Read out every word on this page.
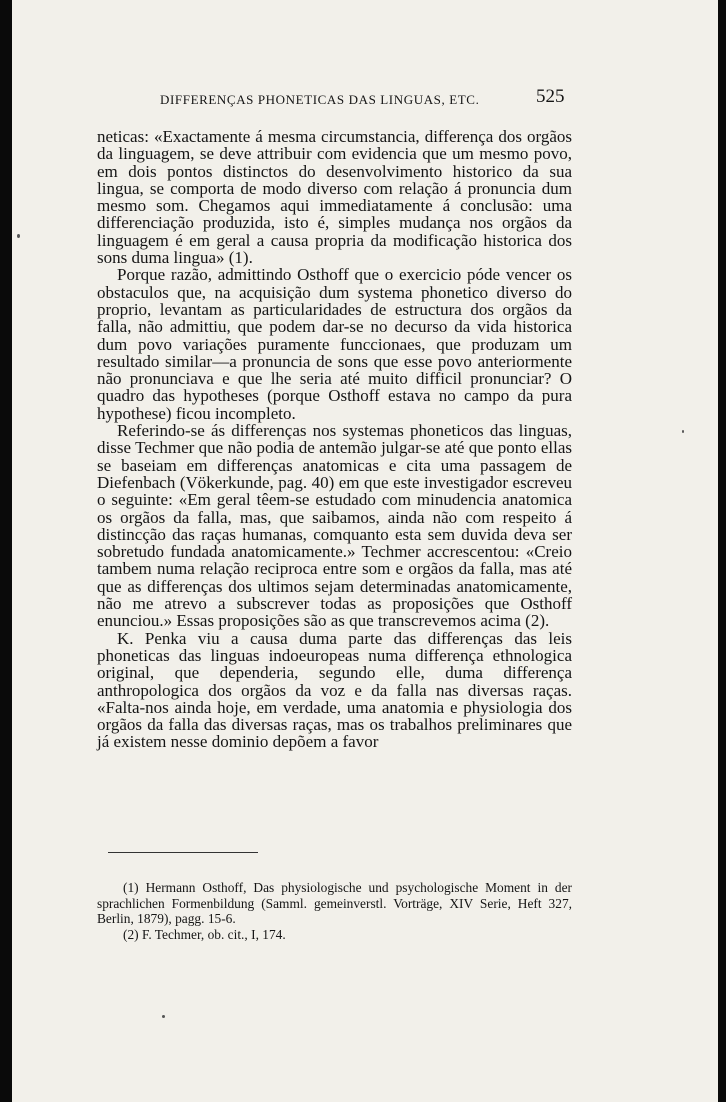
DIFFERENÇAS PHONETICAS DAS LINGUAS, ETC.	525

neticas: «Exactamente á mesma circumstancia, differença dos orgãos da linguagem, se deve attribuir com evidencia que um mesmo povo, em dois pontos distinctos do desenvolvimento historico da sua lingua, se comporta de modo diverso com relação á pronuncia dum mesmo som. Chegamos aqui immediatamente á conclusão: uma differenciação produzida, isto é, simples mudança nos orgãos da linguagem é em geral a causa propria da modificação historica dos sons duma lingua» (1).

Porque razão, admittindo Osthoff que o exercicio póde vencer os obstaculos que, na acquisição dum systema phonetico diverso do proprio, levantam as particularidades de estructura dos orgãos da falla, não admittiu, que podem dar-se no decurso da vida historica dum povo variações puramente funccionaes, que produzam um resultado similar—a pronuncia de sons que esse povo anteriormente não pronunciava e que lhe seria até muito difficil pronunciar? O quadro das hypotheses (porque Osthoff estava no campo da pura hypothese) ficou incompleto.

Referindo-se ás differenças nos systemas phoneticos das linguas, disse Techmer que não podia de antemão julgar-se até que ponto ellas se baseiam em differenças anatomicas e cita uma passagem de Diefenbach (Vökerkunde, pag. 40) em que este investigador escreveu o seguinte: «Em geral têem-se estudado com minudencia anatomica os orgãos da falla, mas, que saibamos, ainda não com respeito á distincção das raças humanas, comquanto esta sem duvida deva ser sobretudo fundada anatomicamente.» Techmer accrescentou: «Creio tambem numa relação reciproca entre som e orgãos da falla, mas até que as differenças dos ultimos sejam determinadas anatomicamente, não me atrevo a subscrever todas as proposições que Osthoff enunciou.» Essas proposições são as que transcrevemos acima (2).

K. Penka viu a causa duma parte das differenças das leis phoneticas das linguas indoeuropeas numa differença ethnologica original, que dependeria, segundo elle, duma differença anthropologica dos orgãos da voz e da falla nas diversas raças. «Falta-nos ainda hoje, em verdade, uma anatomia e physiologia dos orgãos da falla das diversas raças, mas os trabalhos preliminares que já existem nesse dominio depõem a favor

(1) Hermann Osthoff, Das physiologische und psychologische Moment in der sprachlichen Formenbildung (Samml. gemeinverstl. Vorträge, XIV Serie, Heft 327, Berlin, 1879), pagg. 15-6.

(2) F. Techmer, ob. cit., I, 174.
